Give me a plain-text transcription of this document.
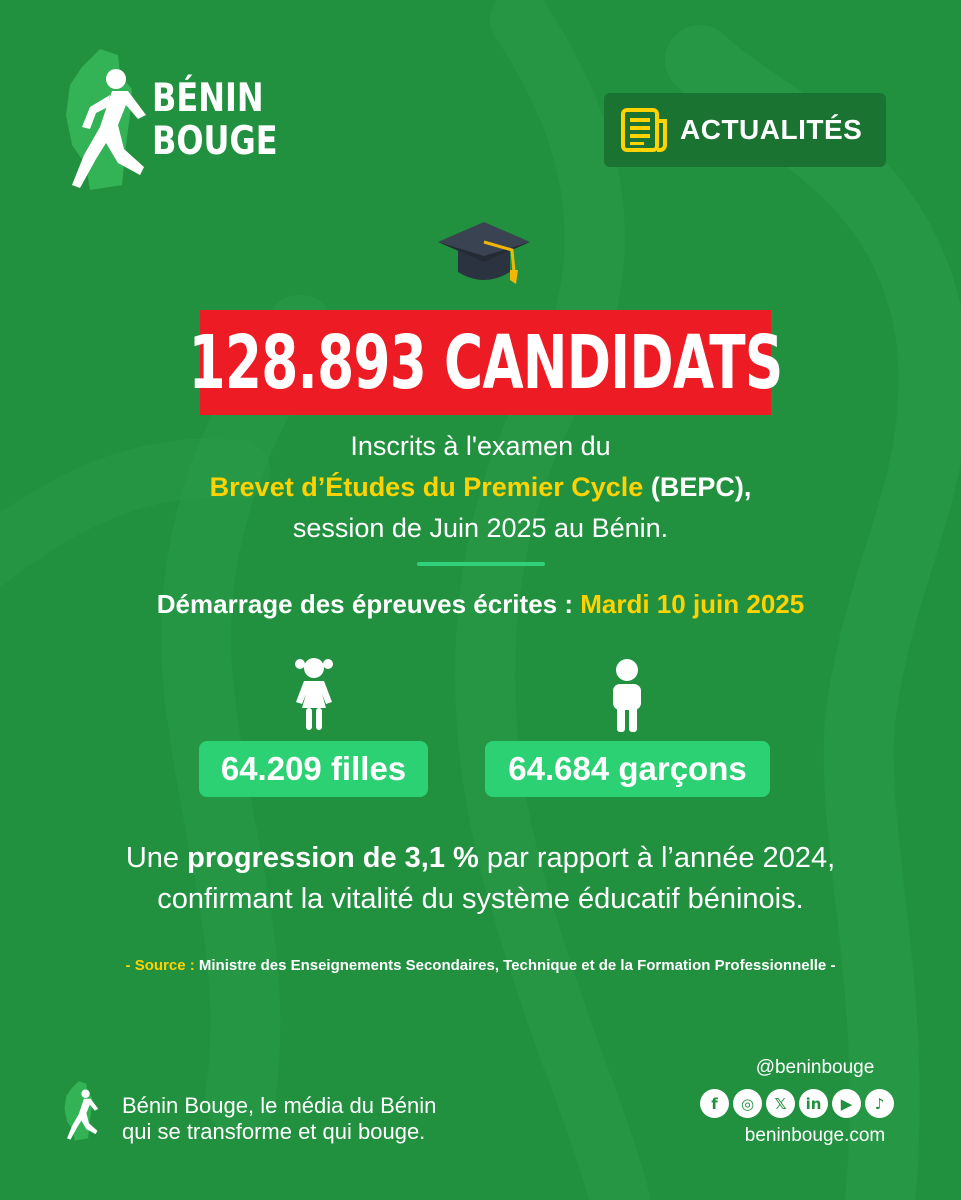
BÉNIN
BOUGE	ACTUALITÉS
128.893 CANDIDATS
Inscrits à l'examen du
Brevet d’Études du Premier Cycle (BEPC),
session de Juin 2025 au Bénin.
Démarrage des épreuves écrites : Mardi 10 juin 2025
64.209 filles	64.684 garçons
Une progression de 3,1 % par rapport à l’année 2024,
confirmant la vitalité du système éducatif béninois.
- Source : Ministre des Enseignements Secondaires, Technique et de la Formation Professionnelle -
Bénin Bouge, le média du Bénin
qui se transforme et qui bouge.
@beninbouge
f	◎	𝕏	in	▶	♪
beninbouge.com
